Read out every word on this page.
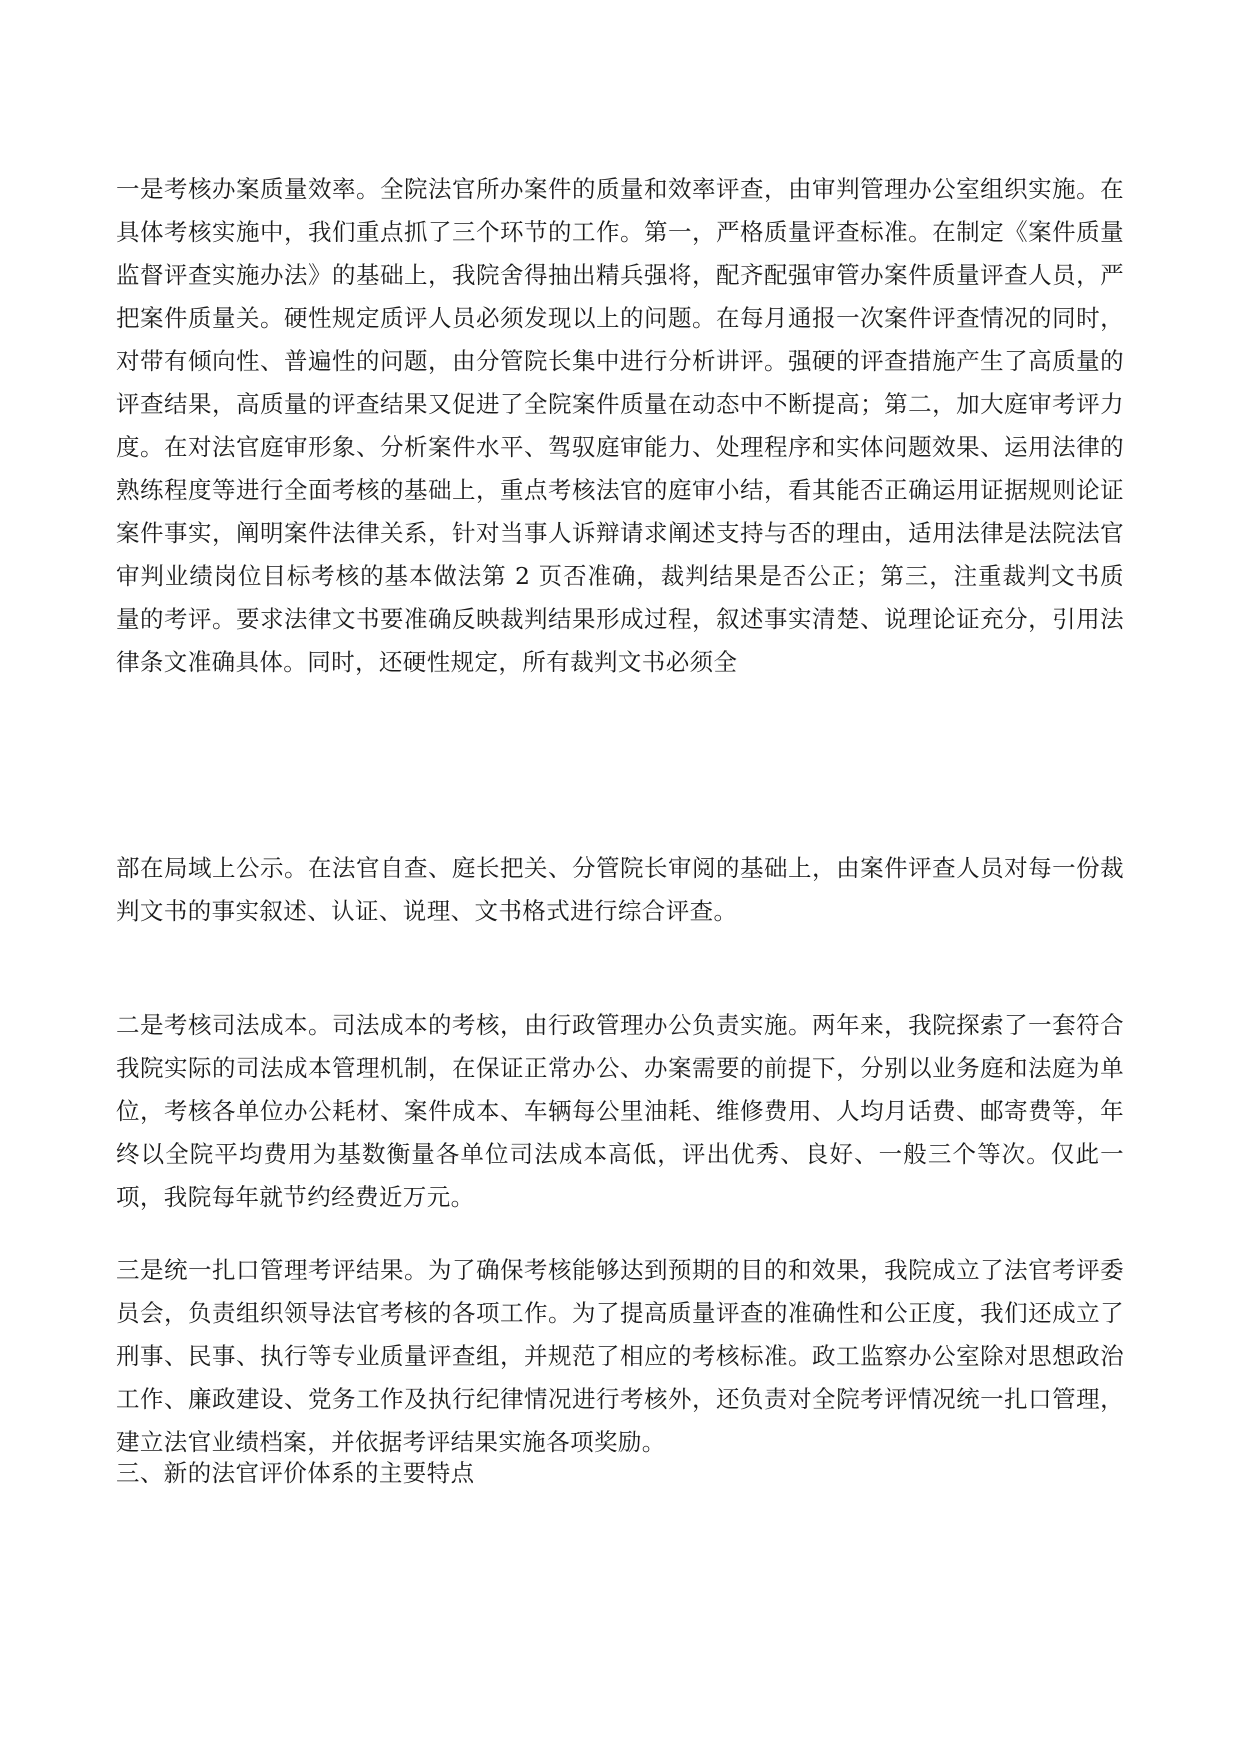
一是考核办案质量效率。全院法官所办案件的质量和效率评查，由审判管理办公室组织实施。在具体考核实施中，我们重点抓了三个环节的工作。第一，严格质量评查标准。在制定《案件质量监督评查实施办法》的基础上，我院舍得抽出精兵强将，配齐配强审管办案件质量评查人员，严把案件质量关。硬性规定质评人员必须发现以上的问题。在每月通报一次案件评查情况的同时，对带有倾向性、普遍性的问题，由分管院长集中进行分析讲评。强硬的评查措施产生了高质量的评查结果，高质量的评查结果又促进了全院案件质量在动态中不断提高；第二，加大庭审考评力度。在对法官庭审形象、分析案件水平、驾驭庭审能力、处理程序和实体问题效果、运用法律的熟练程度等进行全面考核的基础上，重点考核法官的庭审小结，看其能否正确运用证据规则论证案件事实，阐明案件法律关系，针对当事人诉辩请求阐述支持与否的理由，适用法律是法院法官审判业绩岗位目标考核的基本做法第 2 页否准确，裁判结果是否公正；第三，注重裁判文书质量的考评。要求法律文书要准确反映裁判结果形成过程，叙述事实清楚、说理论证充分，引用法律条文准确具体。同时，还硬性规定，所有裁判文书必须全

部在局域上公示。在法官自查、庭长把关、分管院长审阅的基础上，由案件评查人员对每一份裁判文书的事实叙述、认证、说理、文书格式进行综合评查。

二是考核司法成本。司法成本的考核，由行政管理办公负责实施。两年来，我院探索了一套符合我院实际的司法成本管理机制，在保证正常办公、办案需要的前提下，分别以业务庭和法庭为单位，考核各单位办公耗材、案件成本、车辆每公里油耗、维修费用、人均月话费、邮寄费等，年终以全院平均费用为基数衡量各单位司法成本高低，评出优秀、良好、一般三个等次。仅此一项，我院每年就节约经费近万元。

三是统一扎口管理考评结果。为了确保考核能够达到预期的目的和效果，我院成立了法官考评委员会，负责组织领导法官考核的各项工作。为了提高质量评查的准确性和公正度，我们还成立了刑事、民事、执行等专业质量评查组，并规范了相应的考核标准。政工监察办公室除对思想政治工作、廉政建设、党务工作及执行纪律情况进行考核外，还负责对全院考评情况统一扎口管理，建立法官业绩档案，并依据考评结果实施各项奖励。

三、新的法官评价体系的主要特点
